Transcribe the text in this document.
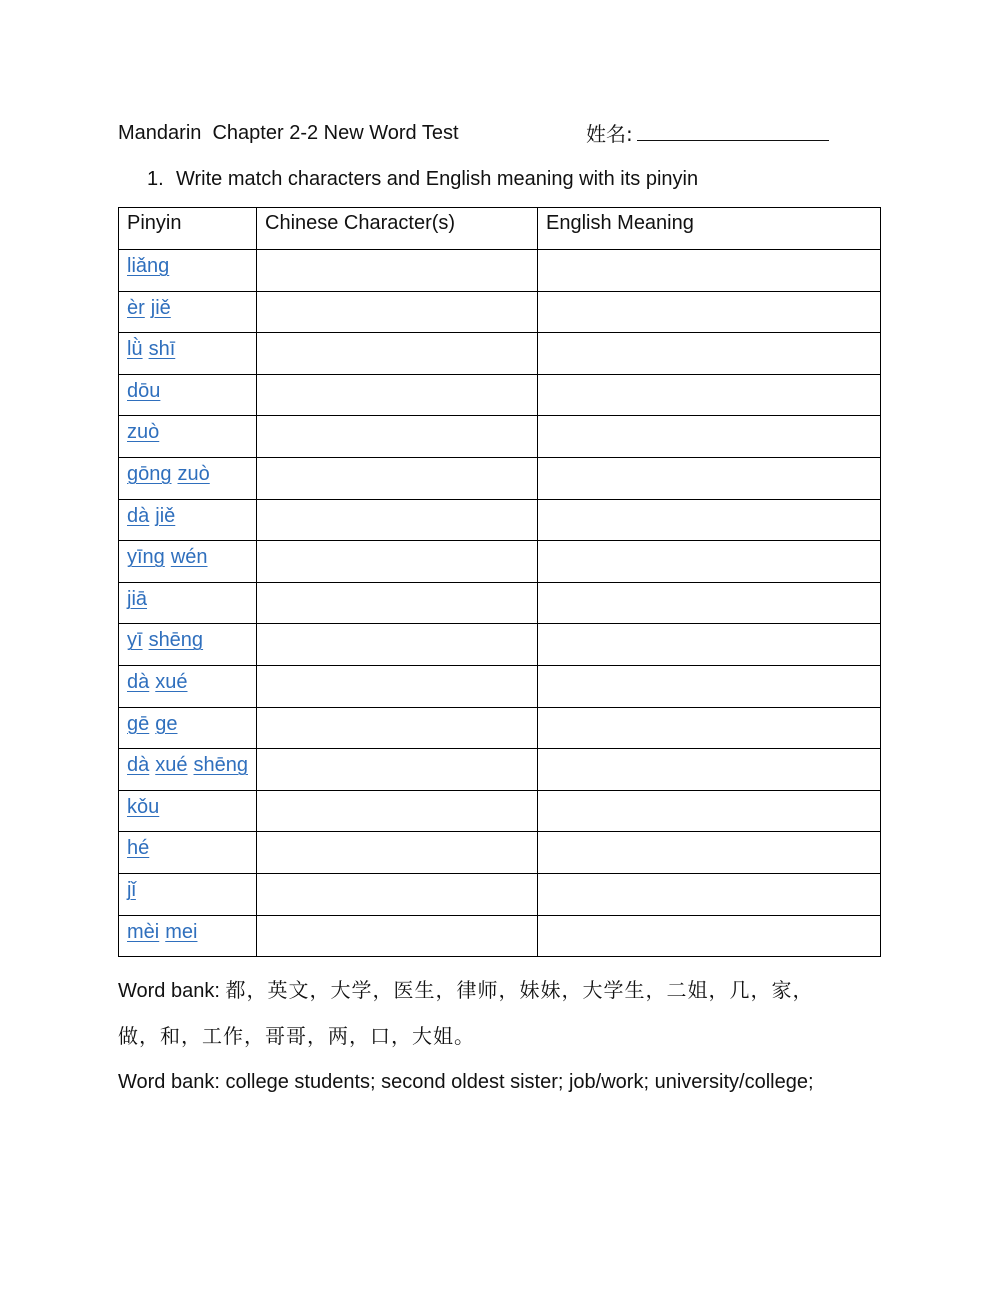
Mandarin  Chapter 2-2 New Word Test	姓名:
1. Write match characters and English meaning with its pinyin
Pinyin	Chinese Character(s)	English Meaning
liǎng		
èr jiě		
lǜ shī		
dōu		
zuò		
gōng zuò		
dà jiě		
yīng wén		
jiā		
yī shēng		
dà xué		
gē ge		
dà xué shēng		
kǒu		
hé		
jǐ		
mèi mei		
Word bank: 都，英文，大学，医生，律师，妹妹，大学生，二姐，几，家，
做，和，工作，哥哥，两，口，大姐。
Word bank: college students; second oldest sister; job/work; university/college;
